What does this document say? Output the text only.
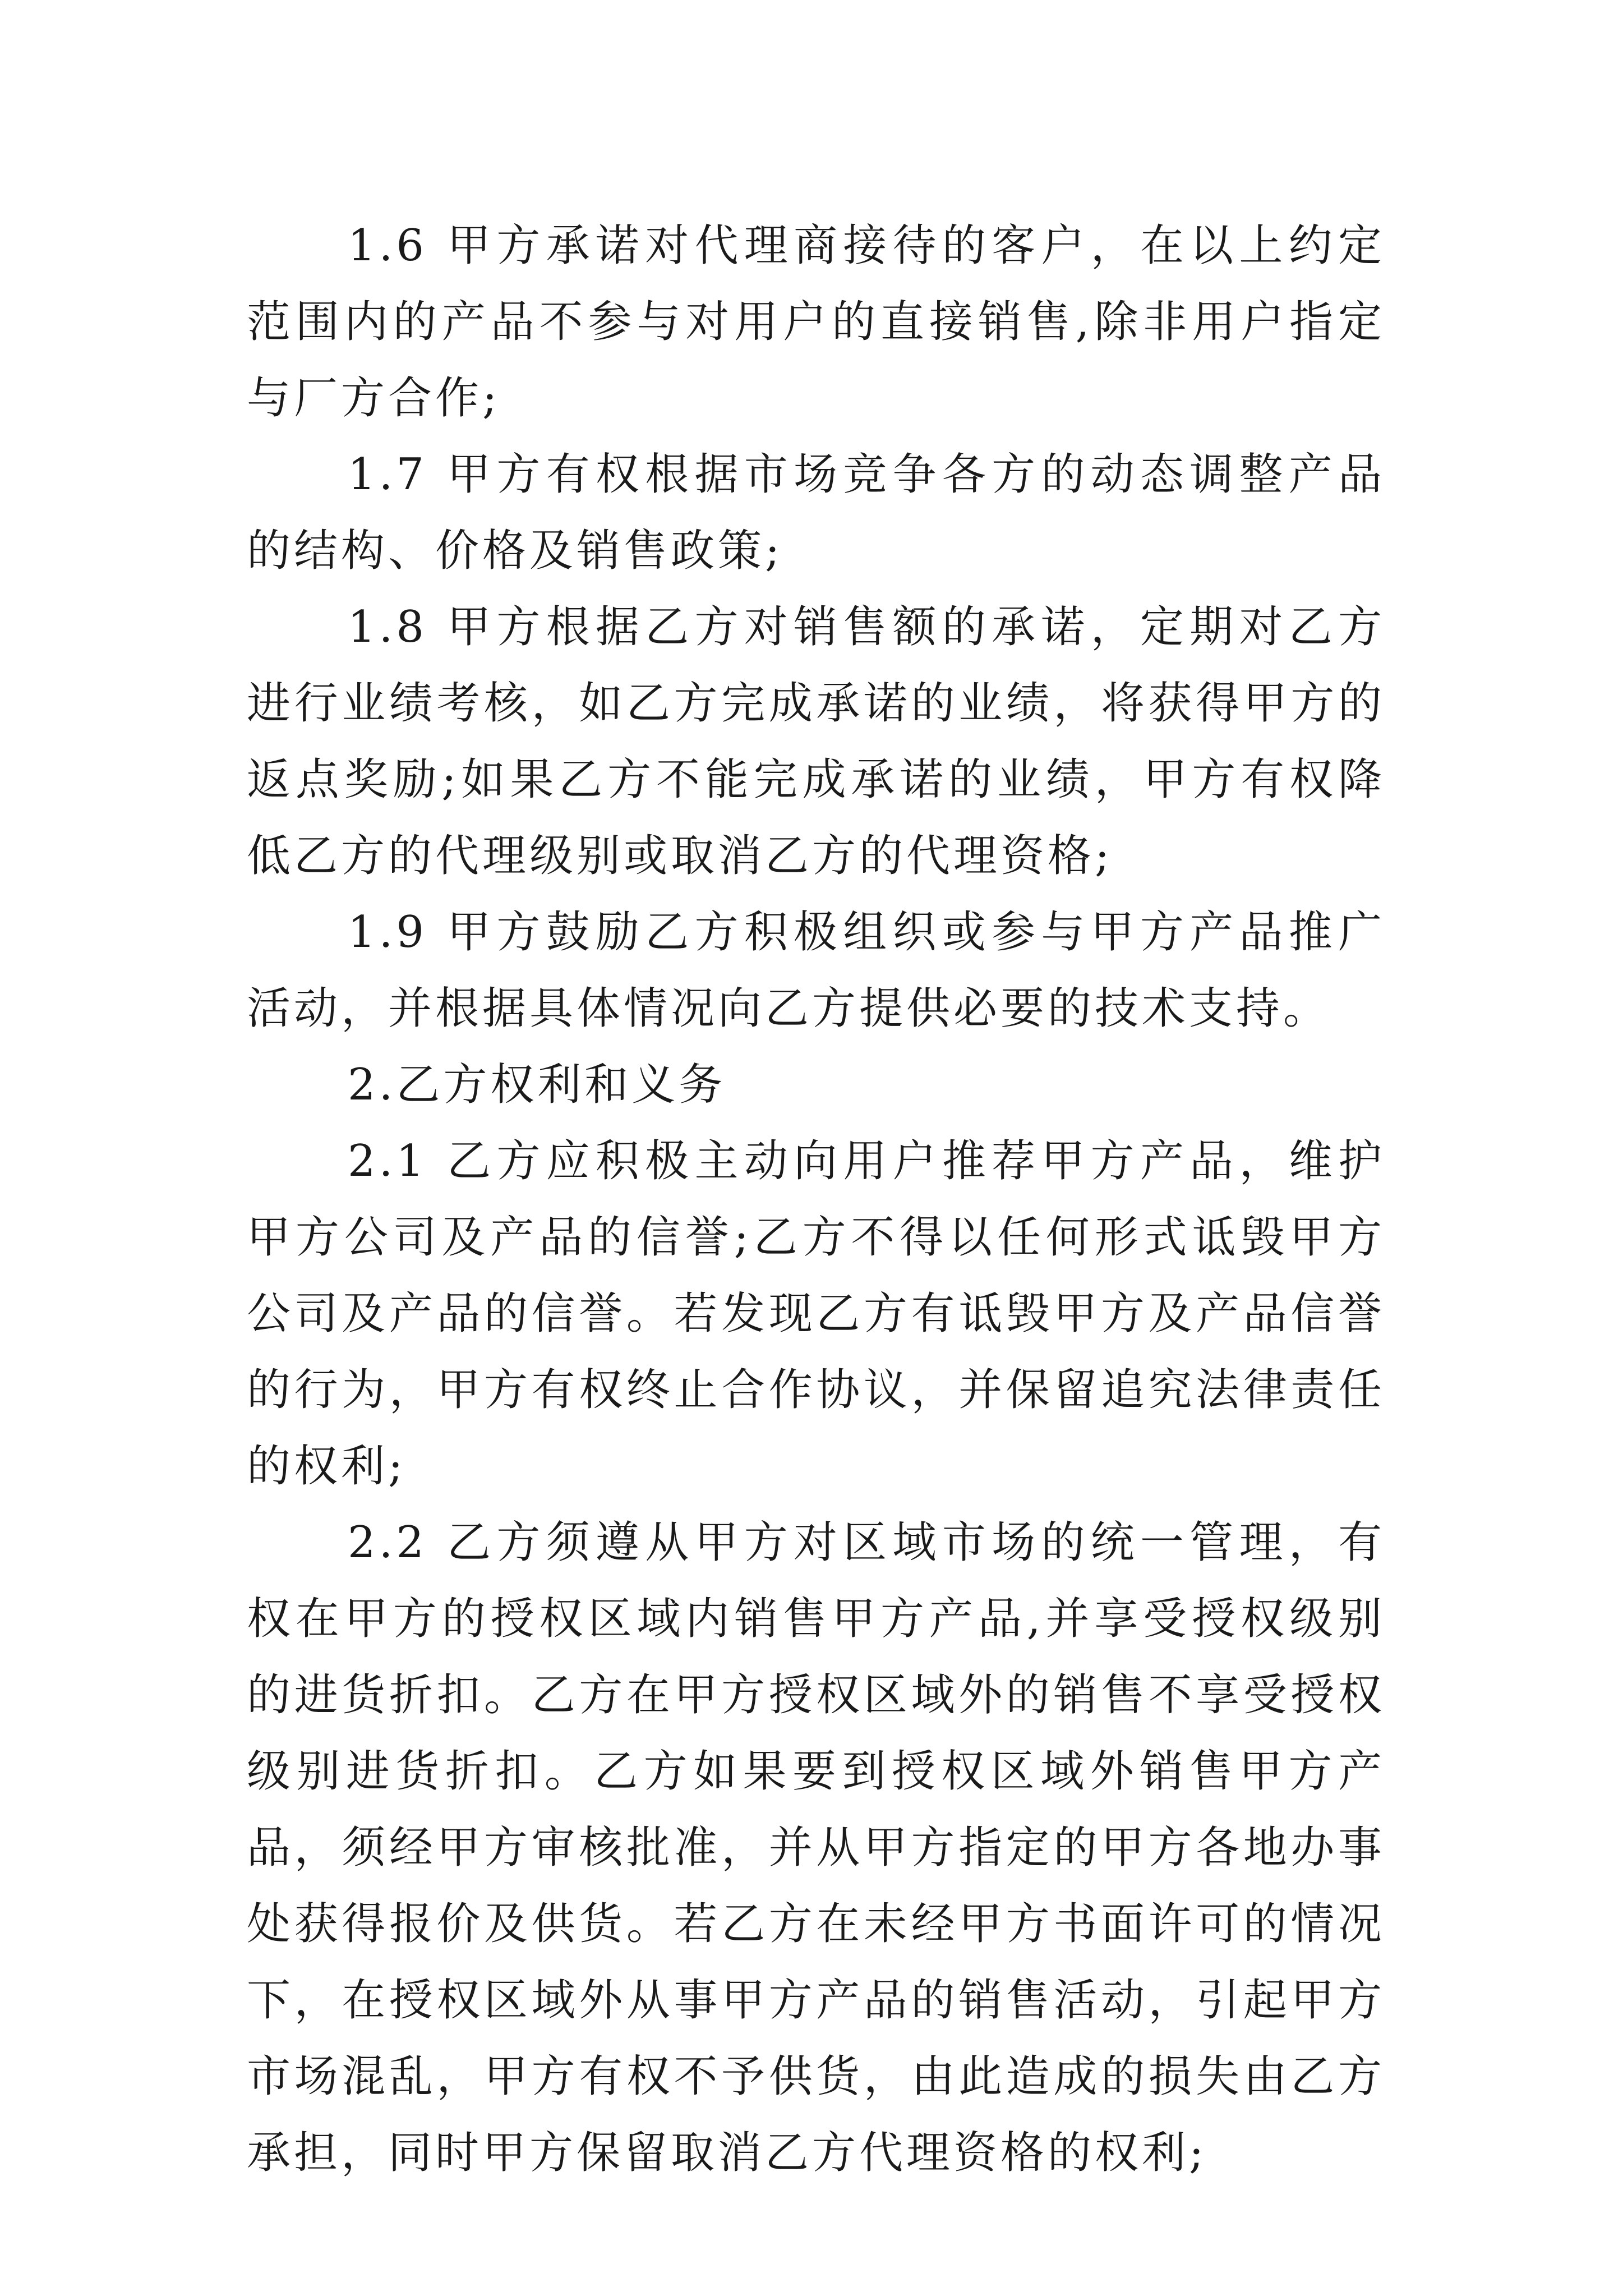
1.6 甲方承诺对代理商接待的客户，在以上约定范围内的产品不参与对用户的直接销售,除非用户指定与厂方合作;

1.7 甲方有权根据市场竞争各方的动态调整产品的结构、价格及销售政策;

1.8 甲方根据乙方对销售额的承诺，定期对乙方进行业绩考核，如乙方完成承诺的业绩，将获得甲方的返点奖励;如果乙方不能完成承诺的业绩，甲方有权降低乙方的代理级别或取消乙方的代理资格;

1.9 甲方鼓励乙方积极组织或参与甲方产品推广活动，并根据具体情况向乙方提供必要的技术支持。

2.乙方权利和义务

2.1 乙方应积极主动向用户推荐甲方产品，维护甲方公司及产品的信誉;乙方不得以任何形式诋毁甲方公司及产品的信誉。若发现乙方有诋毁甲方及产品信誉的行为，甲方有权终止合作协议，并保留追究法律责任的权利;

2.2 乙方须遵从甲方对区域市场的统一管理，有权在甲方的授权区域内销售甲方产品,并享受授权级别的进货折扣。乙方在甲方授权区域外的销售不享受授权级别进货折扣。乙方如果要到授权区域外销售甲方产品，须经甲方审核批准，并从甲方指定的甲方各地办事处获得报价及供货。若乙方在未经甲方书面许可的情况下，在授权区域外从事甲方产品的销售活动，引起甲方市场混乱，甲方有权不予供货，由此造成的损失由乙方承担，同时甲方保留取消乙方代理资格的权利;
